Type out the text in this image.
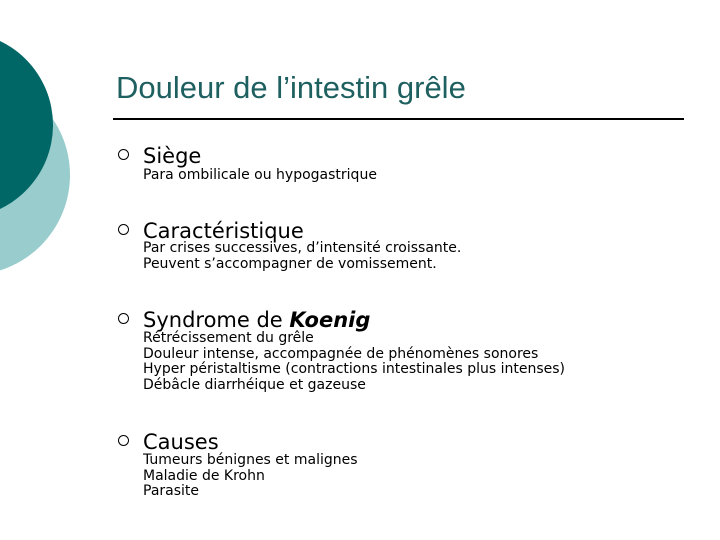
Douleur de l’intestin grêle
Siège
Para ombilicale ou hypogastrique
Caractéristique
Par crises successives, d’intensité croissante.
Peuvent s’accompagner de vomissement.
Syndrome de Koenig
Rétrécissement du grêle
Douleur intense, accompagnée de phénomènes sonores
Hyper péristaltisme (contractions intestinales plus intenses)
Débâcle diarrhéique et gazeuse
Causes
Tumeurs bénignes et malignes
Maladie de Krohn
Parasite
